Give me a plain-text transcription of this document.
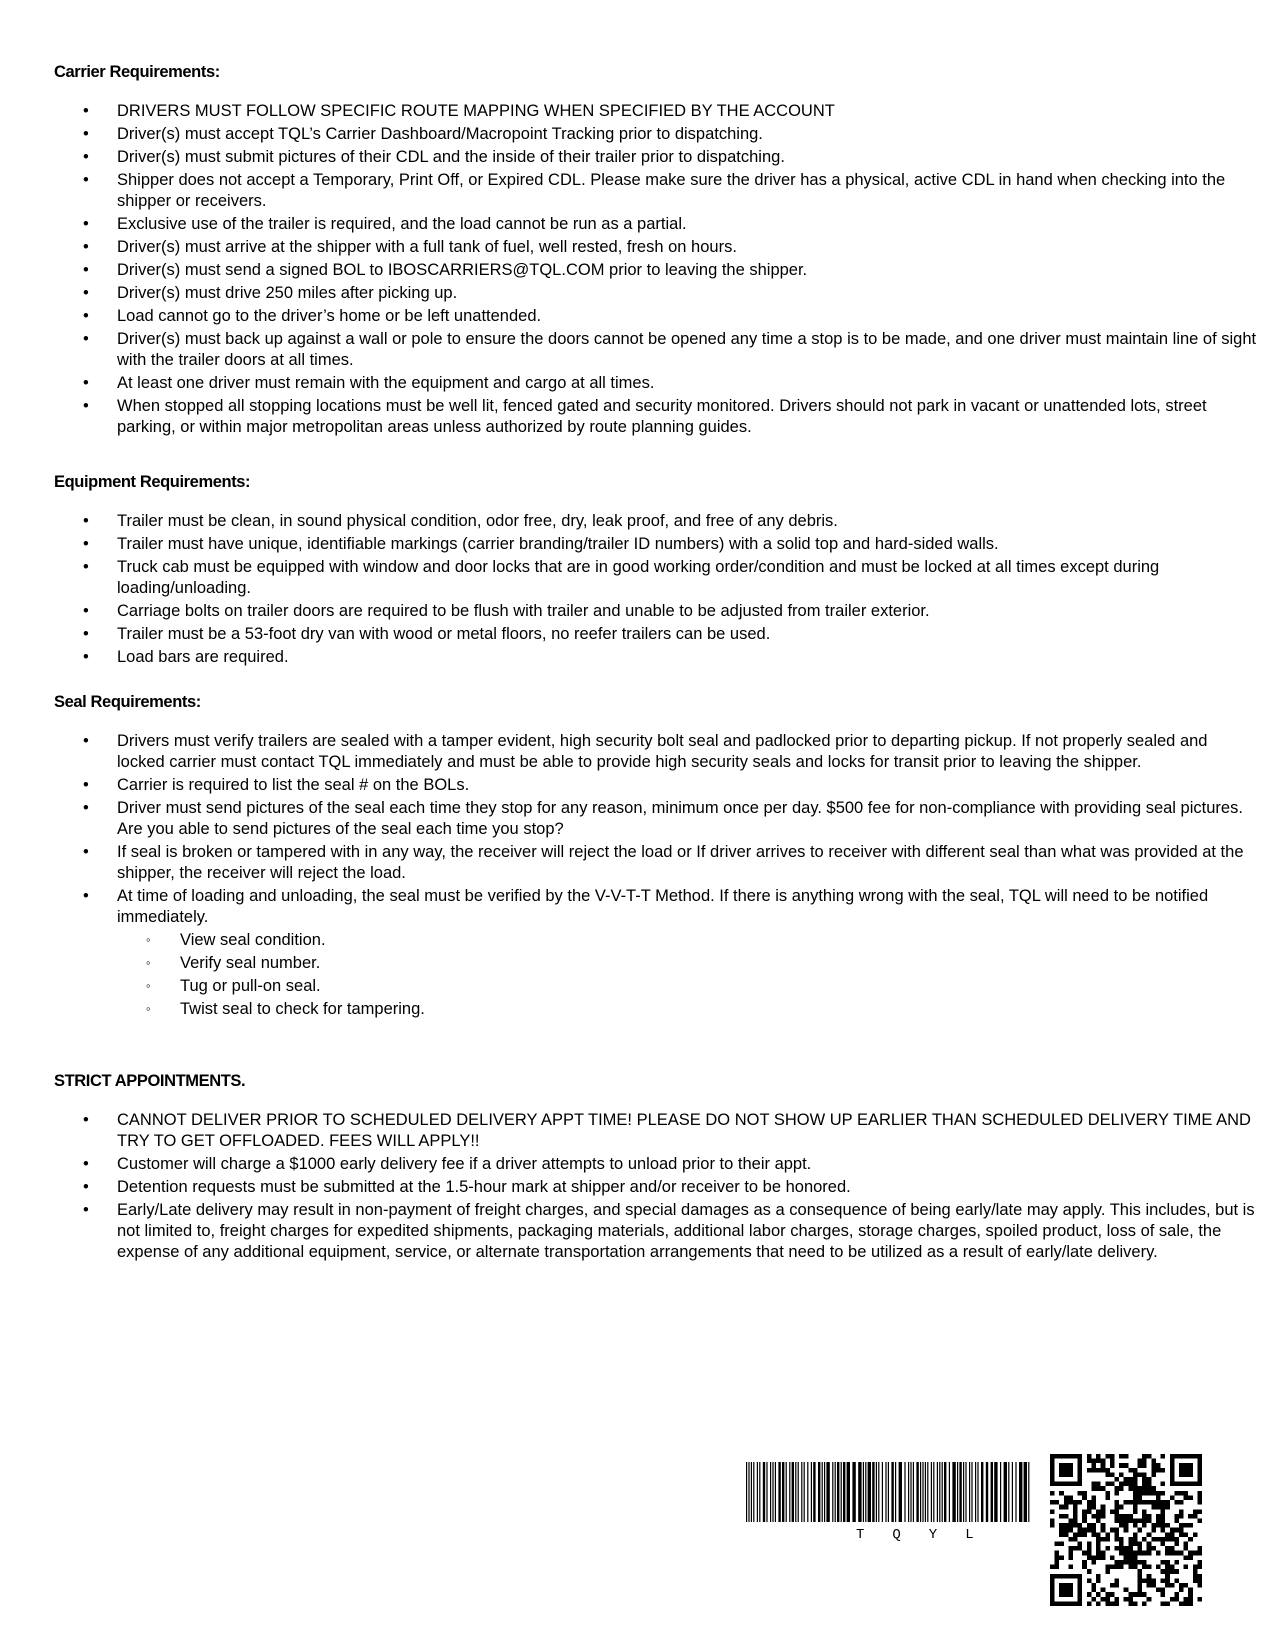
Carrier Requirements:

• DRIVERS MUST FOLLOW SPECIFIC ROUTE MAPPING WHEN SPECIFIED BY THE ACCOUNT
• Driver(s) must accept TQL’s Carrier Dashboard/Macropoint Tracking prior to dispatching.
• Driver(s) must submit pictures of their CDL and the inside of their trailer prior to dispatching.
• Shipper does not accept a Temporary, Print Off, or Expired CDL. Please make sure the driver has a physical, active CDL in hand when checking into the shipper or receivers.
• Exclusive use of the trailer is required, and the load cannot be run as a partial.
• Driver(s) must arrive at the shipper with a full tank of fuel, well rested, fresh on hours.
• Driver(s) must send a signed BOL to IBOSCARRIERS@TQL.COM prior to leaving the shipper.
• Driver(s) must drive 250 miles after picking up.
• Load cannot go to the driver’s home or be left unattended.
• Driver(s) must back up against a wall or pole to ensure the doors cannot be opened any time a stop is to be made, and one driver must maintain line of sight with the trailer doors at all times.
• At least one driver must remain with the equipment and cargo at all times.
• When stopped all stopping locations must be well lit, fenced gated and security monitored. Drivers should not park in vacant or unattended lots, street parking, or within major metropolitan areas unless authorized by route planning guides.

Equipment Requirements:

• Trailer must be clean, in sound physical condition, odor free, dry, leak proof, and free of any debris.
• Trailer must have unique, identifiable markings (carrier branding/trailer ID numbers) with a solid top and hard-sided walls.
• Truck cab must be equipped with window and door locks that are in good working order/condition and must be locked at all times except during loading/unloading.
• Carriage bolts on trailer doors are required to be flush with trailer and unable to be adjusted from trailer exterior.
• Trailer must be a 53-foot dry van with wood or metal floors, no reefer trailers can be used.
• Load bars are required.

Seal Requirements:

• Drivers must verify trailers are sealed with a tamper evident, high security bolt seal and padlocked prior to departing pickup. If not properly sealed and locked carrier must contact TQL immediately and must be able to provide high security seals and locks for transit prior to leaving the shipper.
• Carrier is required to list the seal # on the BOLs.
• Driver must send pictures of the seal each time they stop for any reason, minimum once per day. $500 fee for non-compliance with providing seal pictures. Are you able to send pictures of the seal each time you stop?
• If seal is broken or tampered with in any way, the receiver will reject the load or If driver arrives to receiver with different seal than what was provided at the shipper, the receiver will reject the load.
• At time of loading and unloading, the seal must be verified by the V-V-T-T Method. If there is anything wrong with the seal, TQL will need to be notified immediately.
◦ View seal condition.
◦ Verify seal number.
◦ Tug or pull-on seal.
◦ Twist seal to check for tampering.

STRICT APPOINTMENTS.

• CANNOT DELIVER PRIOR TO SCHEDULED DELIVERY APPT TIME! PLEASE DO NOT SHOW UP EARLIER THAN SCHEDULED DELIVERY TIME AND TRY TO GET OFFLOADED. FEES WILL APPLY!!
• Customer will charge a $1000 early delivery fee if a driver attempts to unload prior to their appt.
• Detention requests must be submitted at the 1.5-hour mark at shipper and/or receiver to be honored.
• Early/Late delivery may result in non-payment of freight charges, and special damages as a consequence of being early/late may apply. This includes, but is not limited to, freight charges for expedited shipments, packaging materials, additional labor charges, storage charges, spoiled product, loss of sale, the expense of any additional equipment, service, or alternate transportation arrangements that need to be utilized as a result of early/late delivery.
TQYL
